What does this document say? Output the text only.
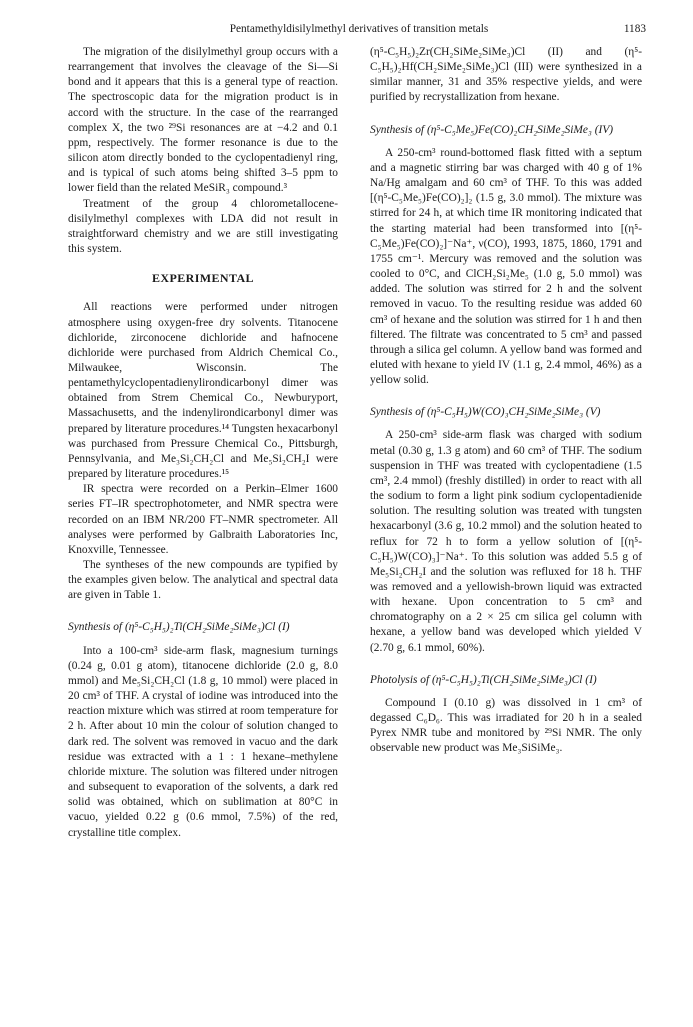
Pentamethyldisilylmethyl derivatives of transition metals	1183

The migration of the disilylmethyl group occurs with a rearrangement that involves the cleavage of the Si—Si bond and it appears that this is a general type of reaction. The spectroscopic data for the migration product is in accord with the structure. In the case of the rearranged complex X, the two ²⁹Si resonances are at −4.2 and 0.1 ppm, respectively. The former resonance is due to the silicon atom directly bonded to the cyclopentadienyl ring, and is typical of such atoms being shifted 3–5 ppm to lower field than the related MeSiR₃ compound.³

Treatment of the group 4 chlorometallocene-disilylmethyl complexes with LDA did not result in straightforward chemistry and we are still investigating this system.

EXPERIMENTAL

All reactions were performed under nitrogen atmosphere using oxygen-free dry solvents. Titanocene dichloride, zirconocene dichloride and hafnocene dichloride were purchased from Aldrich Chemical Co., Milwaukee, Wisconsin. The pentamethylcyclopentadienylirondicarbonyl dimer was obtained from Strem Chemical Co., Newburyport, Massachusetts, and the indenylirondicarbonyl dimer was prepared by literature procedures.¹⁴ Tungsten hexacarbonyl was purchased from Pressure Chemical Co., Pittsburgh, Pennsylvania, and Me₃Si₂CH₂Cl and Me₅Si₂CH₂I were prepared by literature procedures.¹⁵

IR spectra were recorded on a Perkin–Elmer 1600 series FT–IR spectrophotometer, and NMR spectra were recorded on an IBM NR/200 FT–NMR spectrometer. All analyses were performed by Galbraith Laboratories Inc, Knoxville, Tennessee.

The syntheses of the new compounds are typified by the examples given below. The analytical and spectral data are given in Table 1.

Synthesis of (η⁵-C₅H₅)₂Ti(CH₂SiMe₂SiMe₃)Cl (I)

Into a 100-cm³ side-arm flask, magnesium turnings (0.24 g, 0.01 g atom), titanocene dichloride (2.0 g, 8.0 mmol) and Me₅Si₂CH₂Cl (1.8 g, 10 mmol) were placed in 20 cm³ of THF. A crystal of iodine was introduced into the reaction mixture which was stirred at room temperature for 2 h. After about 10 min the colour of solution changed to dark red. The solvent was removed in vacuo and the dark residue was extracted with a 1 : 1 hexane–methylene chloride mixture. The solution was filtered under nitrogen and subsequent to evaporation of the solvents, a dark red solid was obtained, which on sublimation at 80°C in vacuo, yielded 0.22 g (0.6 mmol, 7.5%) of the red, crystalline title complex.

(η⁵-C₅H₅)₂Zr(CH₂SiMe₂SiMe₃)Cl (II) and (η⁵-C₅H₅)₂Hf(CH₂SiMe₂SiMe₃)Cl (III) were synthesized in a similar manner, 31 and 35% respective yields, and were purified by recrystallization from hexane.

Synthesis of (η⁵-C₅Me₅)Fe(CO)₂CH₂SiMe₂SiMe₃ (IV)

A 250-cm³ round-bottomed flask fitted with a septum and a magnetic stirring bar was charged with 40 g of 1% Na/Hg amalgam and 60 cm³ of THF. To this was added [(η⁵-C₅Me₅)Fe(CO)₂]₂ (1.5 g, 3.0 mmol). The mixture was stirred for 24 h, at which time IR monitoring indicated that the starting material had been transformed into [(η⁵-C₅Me₅)Fe(CO)₂]⁻Na⁺, ν(CO), 1993, 1875, 1860, 1791 and 1755 cm⁻¹. Mercury was removed and the solution was cooled to 0°C, and ClCH₂Si₂Me₅ (1.0 g, 5.0 mmol) was added. The solution was stirred for 2 h and the solvent removed in vacuo. To the resulting residue was added 60 cm³ of hexane and the solution was stirred for 1 h and then filtered. The filtrate was concentrated to 5 cm³ and passed through a silica gel column. A yellow band was formed and eluted with hexane to yield IV (1.1 g, 2.4 mmol, 46%) as a yellow solid.

Synthesis of (η⁵-C₅H₅)W(CO)₃CH₂SiMe₂SiMe₃ (V)

A 250-cm³ side-arm flask was charged with sodium metal (0.30 g, 1.3 g atom) and 60 cm³ of THF. The sodium suspension in THF was treated with cyclopentadiene (1.5 cm³, 2.4 mmol) (freshly distilled) in order to react with all the sodium to form a light pink sodium cyclopentadienide solution. The resulting solution was treated with tungsten hexacarbonyl (3.6 g, 10.2 mmol) and the solution heated to reflux for 72 h to form a yellow solution of [(η⁵-C₅H₅)W(CO)₃]⁻Na⁺. To this solution was added 5.5 g of Me₅Si₂CH₂I and the solution was refluxed for 18 h. THF was removed and a yellowish-brown liquid was extracted with hexane. Upon concentration to 5 cm³ and chromatography on a 2 × 25 cm silica gel column with hexane, a yellow band was developed which yielded V (2.70 g, 6.1 mmol, 60%).

Photolysis of (η⁵-C₅H₅)₂Ti(CH₂SiMe₂SiMe₃)Cl (I)

Compound I (0.10 g) was dissolved in 1 cm³ of degassed C₆D₆. This was irradiated for 20 h in a sealed Pyrex NMR tube and monitored by ²⁹Si NMR. The only observable new product was Me₃SiSiMe₃.
